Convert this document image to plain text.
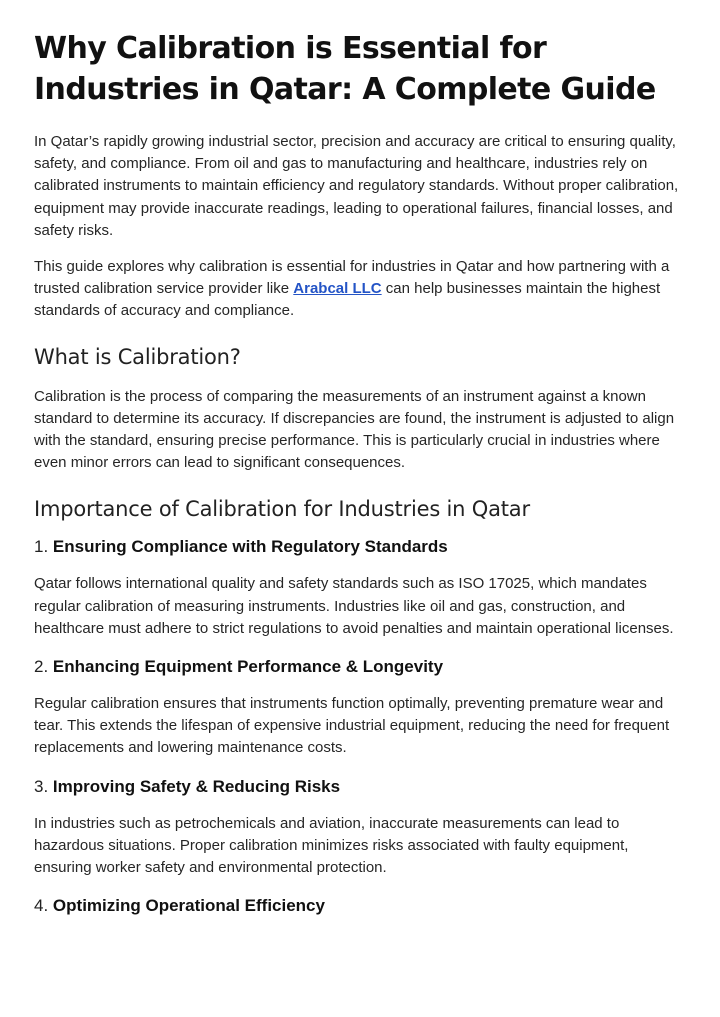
Why Calibration is Essential for Industries in Qatar: A Complete Guide

In Qatar’s rapidly growing industrial sector, precision and accuracy are critical to ensuring quality, safety, and compliance. From oil and gas to manufacturing and healthcare, industries rely on calibrated instruments to maintain efficiency and regulatory standards. Without proper calibration, equipment may provide inaccurate readings, leading to operational failures, financial losses, and safety risks.

This guide explores why calibration is essential for industries in Qatar and how partnering with a trusted calibration service provider like Arabcal LLC can help businesses maintain the highest standards of accuracy and compliance.

What is Calibration?

Calibration is the process of comparing the measurements of an instrument against a known standard to determine its accuracy. If discrepancies are found, the instrument is adjusted to align with the standard, ensuring precise performance. This is particularly crucial in industries where even minor errors can lead to significant consequences.

Importance of Calibration for Industries in Qatar
1. Ensuring Compliance with Regulatory Standards

Qatar follows international quality and safety standards such as ISO 17025, which mandates regular calibration of measuring instruments. Industries like oil and gas, construction, and healthcare must adhere to strict regulations to avoid penalties and maintain operational licenses.

2. Enhancing Equipment Performance & Longevity

Regular calibration ensures that instruments function optimally, preventing premature wear and tear. This extends the lifespan of expensive industrial equipment, reducing the need for frequent replacements and lowering maintenance costs.

3. Improving Safety & Reducing Risks

In industries such as petrochemicals and aviation, inaccurate measurements can lead to hazardous situations. Proper calibration minimizes risks associated with faulty equipment, ensuring worker safety and environmental protection.

4. Optimizing Operational Efficiency
